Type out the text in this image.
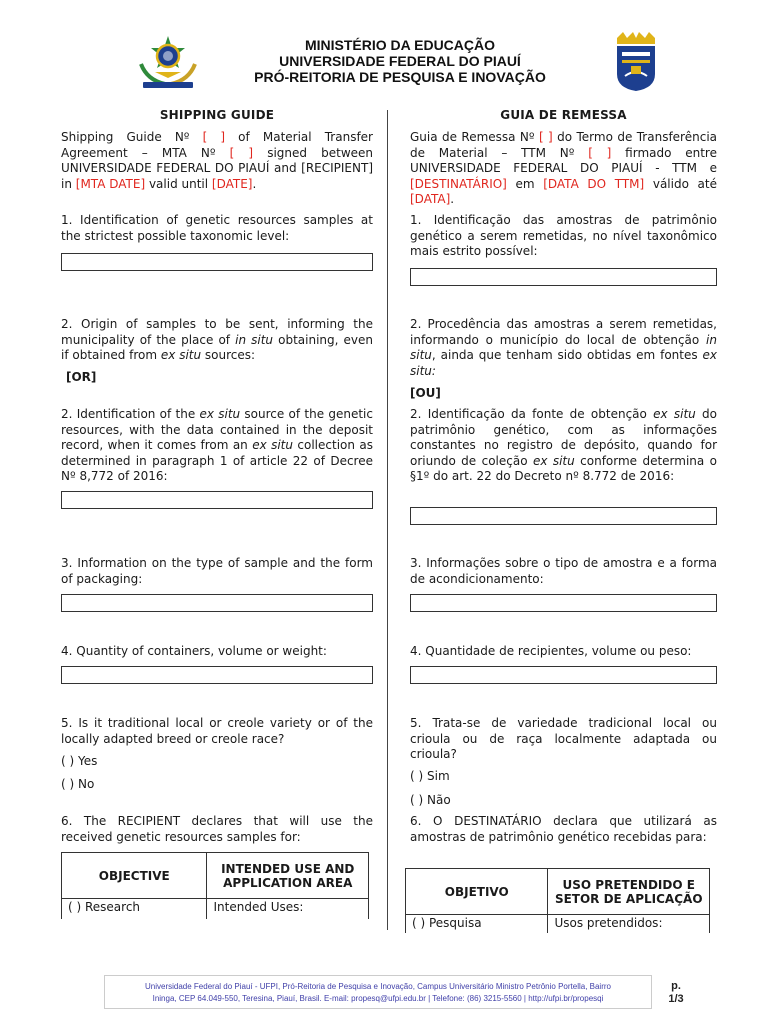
MINISTÉRIO DA EDUCAÇÃO
UNIVERSIDADE FEDERAL DO PIAUÍ
PRÓ-REITORIA DE PESQUISA E INOVAÇÃO

SHIPPING GUIDE

Shipping Guide Nº [ ] of Material Transfer Agreement – MTA Nº [ ] signed between UNIVERSIDADE FEDERAL DO PIAUÍ and [RECIPIENT] in [MTA DATE] valid until [DATE].

1. Identification of genetic resources samples at the strictest possible taxonomic level:

2. Origin of samples to be sent, informing the municipality of the place of in situ obtaining, even if obtained from ex situ sources:

[OR]

2. Identification of the ex situ source of the genetic resources, with the data contained in the deposit record, when it comes from an ex situ collection as determined in paragraph 1 of article 22 of Decree Nº 8,772 of 2016:

3. Information on the type of sample and the form of packaging:

4. Quantity of containers, volume or weight:

5. Is it traditional local or creole variety or of the locally adapted breed or creole race?

( ) Yes

( ) No

6. The RECIPIENT declares that will use the received genetic resources samples for:

OBJECTIVE	INTENDED USE AND APPLICATION AREA
( ) Research	Intended Uses:

GUIA DE REMESSA

Guia de Remessa Nº [ ] do Termo de Transferência de Material – TTM Nº [ ] firmado entre UNIVERSIDADE FEDERAL DO PIAUÍ - TTM e [DESTINATÁRIO] em [DATA DO TTM] válido até [DATA].

1. Identificação das amostras de patrimônio genético a serem remetidas, no nível taxonômico mais estrito possível:

2. Procedência das amostras a serem remetidas, informando o município do local de obtenção in situ, ainda que tenham sido obtidas em fontes ex situ:

[OU]

2. Identificação da fonte de obtenção ex situ do patrimônio genético, com as informações constantes no registro de depósito, quando for oriundo de coleção ex situ conforme determina o §1º do art. 22 do Decreto nº 8.772 de 2016:

3. Informações sobre o tipo de amostra e a forma de acondicionamento:

4. Quantidade de recipientes, volume ou peso:

5. Trata-se de variedade tradicional local ou crioula ou de raça localmente adaptada ou crioula?

( ) Sim

( ) Não

6. O DESTINATÁRIO declara que utilizará as amostras de patrimônio genético recebidas para:

OBJETIVO	USO PRETENDIDO E SETOR DE APLICAÇÃO
( ) Pesquisa	Usos pretendidos:
Universidade Federal do Piauí - UFPI, Pró-Reitoria de Pesquisa e Inovação, Campus Universitário Ministro Petrônio Portella, Bairro
Ininga, CEP 64.049-550, Teresina, Piauí, Brasil. E-mail: propesq@ufpi.edu.br | Telefone: (86) 3215-5560 | http://ufpi.br/propesqi
p.
1/3
